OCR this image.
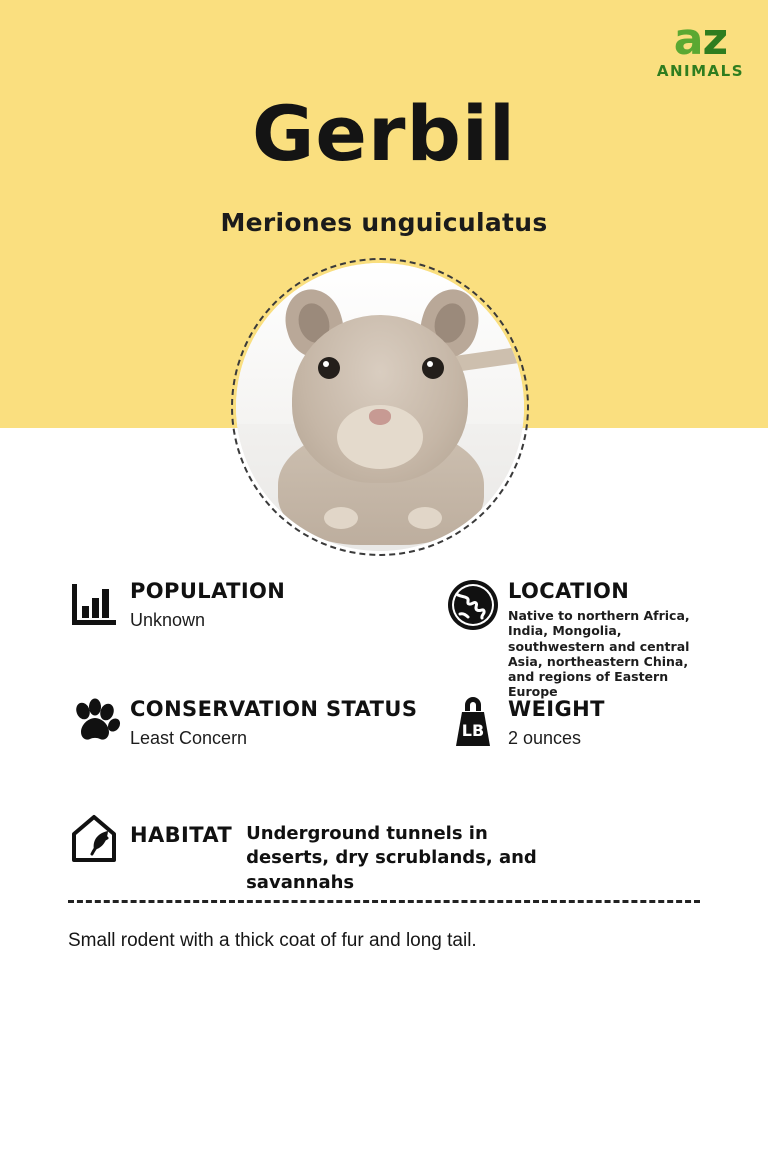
az
ANIMALS
Gerbil
Meriones unguiculatus
POPULATION
Unknown
LOCATION
Native to northern Africa, India, Mongolia, southwestern and central Asia, northeastern China, and regions of Eastern Europe
CONSERVATION STATUS
Least Concern	LB
WEIGHT
2 ounces
HABITAT Underground tunnels in deserts, dry scrublands, and savannahs
Small rodent with a thick coat of fur and long tail.
